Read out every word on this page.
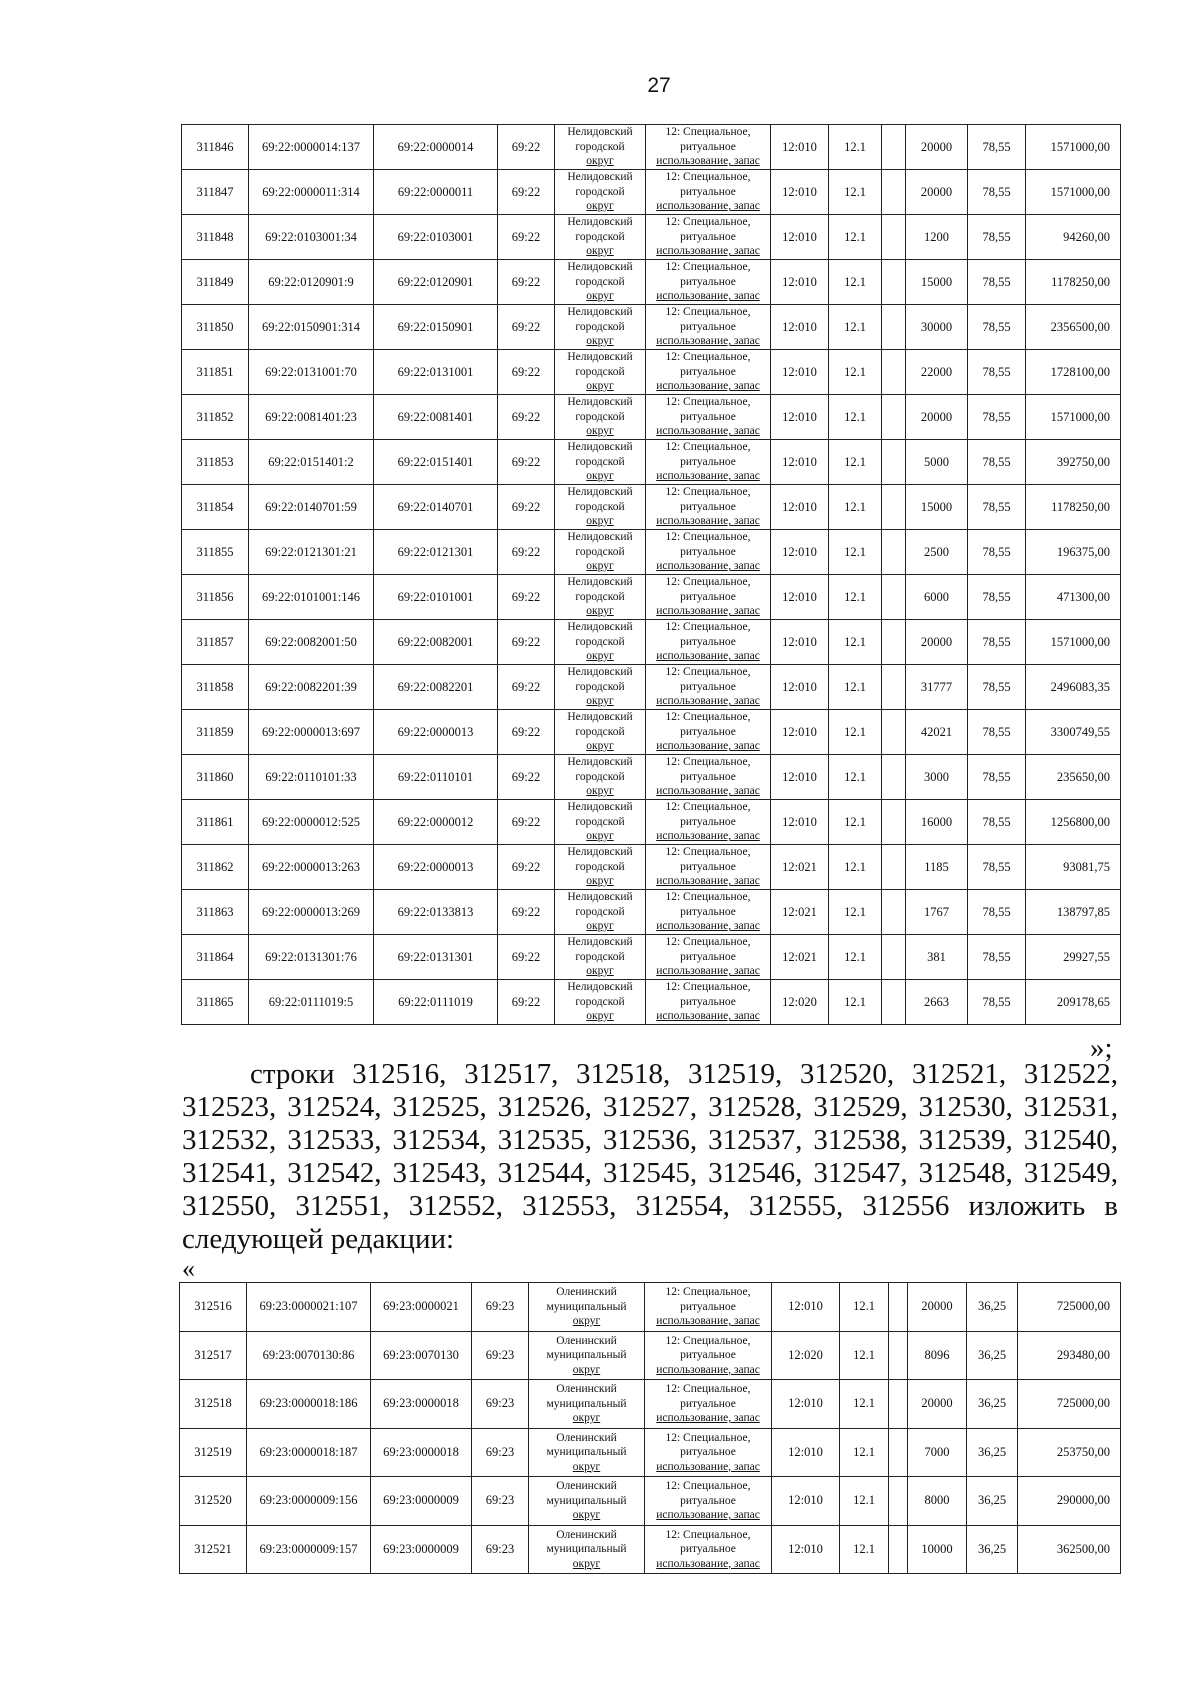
27
311846	69:22:0000014:137	69:22:0000014	69:22	Нелидовский
городской
округ	12: Специальное,
ритуальное
использование, запас	12:010	12.1		20000	78,55	1571000,00
311847	69:22:0000011:314	69:22:0000011	69:22	Нелидовский
городской
округ	12: Специальное,
ритуальное
использование, запас	12:010	12.1		20000	78,55	1571000,00
311848	69:22:0103001:34	69:22:0103001	69:22	Нелидовский
городской
округ	12: Специальное,
ритуальное
использование, запас	12:010	12.1		1200	78,55	94260,00
311849	69:22:0120901:9	69:22:0120901	69:22	Нелидовский
городской
округ	12: Специальное,
ритуальное
использование, запас	12:010	12.1		15000	78,55	1178250,00
311850	69:22:0150901:314	69:22:0150901	69:22	Нелидовский
городской
округ	12: Специальное,
ритуальное
использование, запас	12:010	12.1		30000	78,55	2356500,00
311851	69:22:0131001:70	69:22:0131001	69:22	Нелидовский
городской
округ	12: Специальное,
ритуальное
использование, запас	12:010	12.1		22000	78,55	1728100,00
311852	69:22:0081401:23	69:22:0081401	69:22	Нелидовский
городской
округ	12: Специальное,
ритуальное
использование, запас	12:010	12.1		20000	78,55	1571000,00
311853	69:22:0151401:2	69:22:0151401	69:22	Нелидовский
городской
округ	12: Специальное,
ритуальное
использование, запас	12:010	12.1		5000	78,55	392750,00
311854	69:22:0140701:59	69:22:0140701	69:22	Нелидовский
городской
округ	12: Специальное,
ритуальное
использование, запас	12:010	12.1		15000	78,55	1178250,00
311855	69:22:0121301:21	69:22:0121301	69:22	Нелидовский
городской
округ	12: Специальное,
ритуальное
использование, запас	12:010	12.1		2500	78,55	196375,00
311856	69:22:0101001:146	69:22:0101001	69:22	Нелидовский
городской
округ	12: Специальное,
ритуальное
использование, запас	12:010	12.1		6000	78,55	471300,00
311857	69:22:0082001:50	69:22:0082001	69:22	Нелидовский
городской
округ	12: Специальное,
ритуальное
использование, запас	12:010	12.1		20000	78,55	1571000,00
311858	69:22:0082201:39	69:22:0082201	69:22	Нелидовский
городской
округ	12: Специальное,
ритуальное
использование, запас	12:010	12.1		31777	78,55	2496083,35
311859	69:22:0000013:697	69:22:0000013	69:22	Нелидовский
городской
округ	12: Специальное,
ритуальное
использование, запас	12:010	12.1		42021	78,55	3300749,55
311860	69:22:0110101:33	69:22:0110101	69:22	Нелидовский
городской
округ	12: Специальное,
ритуальное
использование, запас	12:010	12.1		3000	78,55	235650,00
311861	69:22:0000012:525	69:22:0000012	69:22	Нелидовский
городской
округ	12: Специальное,
ритуальное
использование, запас	12:010	12.1		16000	78,55	1256800,00
311862	69:22:0000013:263	69:22:0000013	69:22	Нелидовский
городской
округ	12: Специальное,
ритуальное
использование, запас	12:021	12.1		1185	78,55	93081,75
311863	69:22:0000013:269	69:22:0133813	69:22	Нелидовский
городской
округ	12: Специальное,
ритуальное
использование, запас	12:021	12.1		1767	78,55	138797,85
311864	69:22:0131301:76	69:22:0131301	69:22	Нелидовский
городской
округ	12: Специальное,
ритуальное
использование, запас	12:021	12.1		381	78,55	29927,55
311865	69:22:0111019:5	69:22:0111019	69:22	Нелидовский
городской
округ	12: Специальное,
ритуальное
использование, запас	12:020	12.1		2663	78,55	209178,65
»;
строки 312516, 312517, 312518, 312519, 312520, 312521, 312522, 312523, 312524, 312525, 312526, 312527, 312528, 312529, 312530, 312531, 312532, 312533, 312534, 312535, 312536, 312537, 312538, 312539, 312540, 312541, 312542, 312543, 312544, 312545, 312546, 312547, 312548, 312549, 312550, 312551, 312552, 312553, 312554, 312555, 312556 изложить в следующей редакции:
«
312516	69:23:0000021:107	69:23:0000021	69:23	Оленинский
муниципальный
округ	12: Специальное,
ритуальное
использование, запас	12:010	12.1		20000	36,25	725000,00
312517	69:23:0070130:86	69:23:0070130	69:23	Оленинский
муниципальный
округ	12: Специальное,
ритуальное
использование, запас	12:020	12.1		8096	36,25	293480,00
312518	69:23:0000018:186	69:23:0000018	69:23	Оленинский
муниципальный
округ	12: Специальное,
ритуальное
использование, запас	12:010	12.1		20000	36,25	725000,00
312519	69:23:0000018:187	69:23:0000018	69:23	Оленинский
муниципальный
округ	12: Специальное,
ритуальное
использование, запас	12:010	12.1		7000	36,25	253750,00
312520	69:23:0000009:156	69:23:0000009	69:23	Оленинский
муниципальный
округ	12: Специальное,
ритуальное
использование, запас	12:010	12.1		8000	36,25	290000,00
312521	69:23:0000009:157	69:23:0000009	69:23	Оленинский
муниципальный
округ	12: Специальное,
ритуальное
использование, запас	12:010	12.1		10000	36,25	362500,00
